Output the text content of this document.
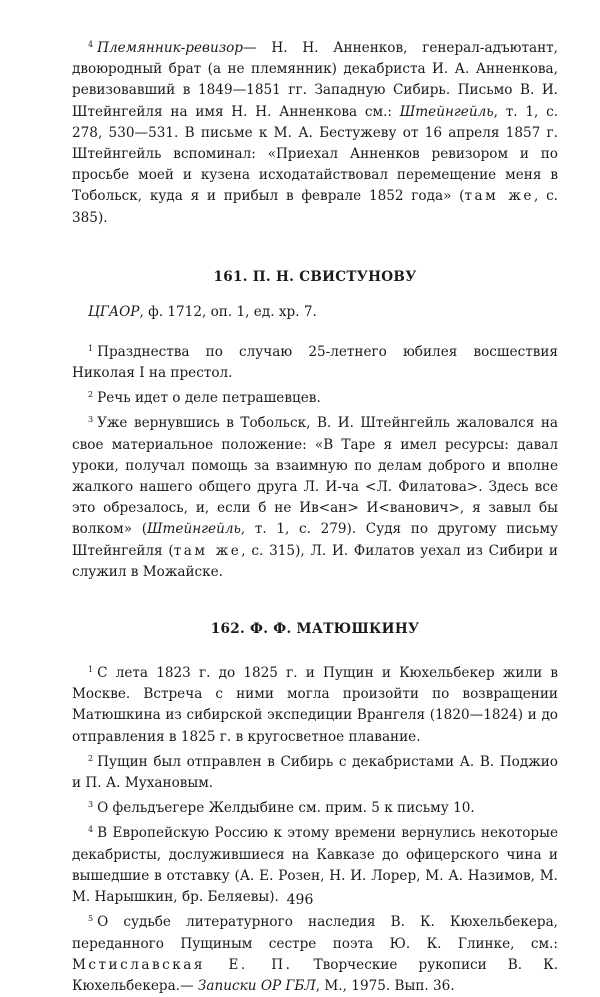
$^4$ Племянник-ревизор— Н. Н. Анненков, генерал-адъютант, двоюродный брат (а не племянник) декабриста И. А. Анненкова, ревизовавший в 1849—1851 гг. Западную Сибирь. Письмо В. И. Штейнгейля на имя Н. Н. Анненкова см.: Штейнгейль, т. 1, с. 278, 530—531. В письме к М. А. Бестужеву от 16 апреля 1857 г. Штейнгейль вспоминал: «Приехал Анненков ревизором и по просьбе моей и кузена исходатайствовал перемещение меня в Тобольск, куда я и прибыл в феврале 1852 года» (там же, с. 385).

161. П. Н. СВИСТУНОВУ

ЦГАОР, ф. 1712, оп. 1, ед. хр. 7.

$^1$ Празднества по случаю 25-летнего юбилея восшествия Николая I на престол.

$^2$ Речь идет о деле петрашевцев.

$^3$ Уже вернувшись в Тобольск, В. И. Штейнгейль жаловался на свое материальное положение: «В Таре я имел ресурсы: давал уроки, получал помощь за взаимную по делам доброго и вполне жалкого нашего общего друга Л. И-ча <Л. Филатова>. Здесь все это обрезалось, и, если б не Ив<ан> И<ванович>, я завыл бы волком» (Штейнгейль, т. 1, с. 279). Судя по другому письму Штейнгейля (там же, с. 315), Л. И. Филатов уехал из Сибири и служил в Можайске.

162. Ф. Ф. МАТЮШКИНУ

$^1$ С лета 1823 г. до 1825 г. и Пущин и Кюхельбекер жили в Москве. Встреча с ними могла произойти по возвращении Матюшкина из сибирской экспедиции Врангеля (1820—1824) и до отправления в 1825 г. в кругосветное плавание.

$^2$ Пущин был отправлен в Сибирь с декабристами А. В. Поджио и П. А. Мухановым.

$^3$ О фельдъегере Желдыбине см. прим. 5 к письму 10.

$^4$ В Европейскую Россию к этому времени вернулись некоторые декабристы, дослужившиеся на Кавказе до офицерского чина и вышедшие в отставку (А. Е. Розен, Н. И. Лорер, М. А. Назимов, М. М. Нарышкин, бр. Беляевы).

$^5$ О судьбе литературного наследия В. К. Кюхельбекера, переданного Пущиным сестре поэта Ю. К. Глинке, см.: Мстиславская Е. П. Творческие рукописи В. К. Кюхельбекера.— Записки ОР ГБЛ, М., 1975. Вып. 36.

496
